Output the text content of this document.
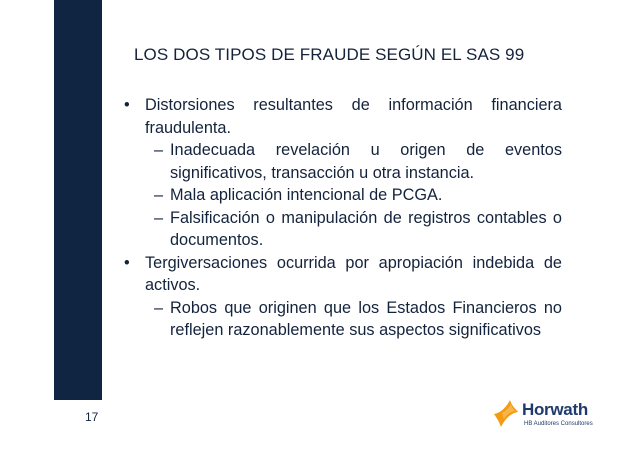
LOS DOS TIPOS DE FRAUDE SEGÚN EL SAS 99
• Distorsiones resultantes de información financiera fraudulenta.
– Inadecuada revelación u origen de eventos significativos, transacción u otra instancia.
– Mala aplicación intencional de PCGA.
– Falsificación o manipulación de registros contables o documentos.
• Tergiversaciones ocurrida por apropiación indebida de activos.
– Robos que originen que los Estados Financieros no reflejen razonablemente sus aspectos significativos
17	Horwath
HB Auditores Consultores
